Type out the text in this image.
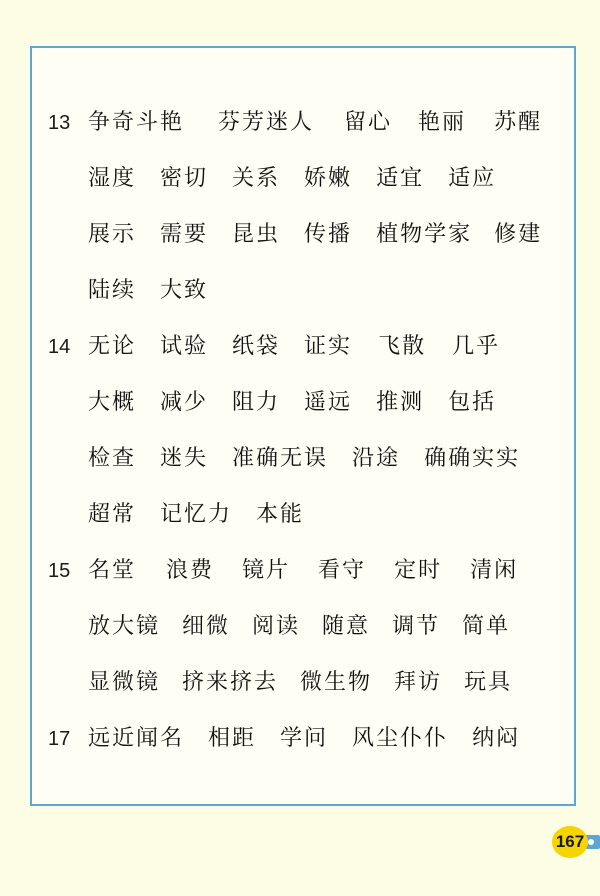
13 争奇斗艳 芬芳迷人 留心 艳丽 苏醒
湿度 密切 关系 娇嫩 适宜 适应
展示 需要 昆虫 传播 植物学家 修建
陆续 大致
14 无论 试验 纸袋 证实 飞散 几乎
大概 减少 阻力 遥远 推测 包括
检查 迷失 准确无误 沿途 确确实实
超常 记忆力 本能
15 名堂 浪费 镜片 看守 定时 清闲
放大镜 细微 阅读 随意 调节 简单
显微镜 挤来挤去 微生物 拜访 玩具
17 远近闻名 相距 学问 风尘仆仆 纳闷
167
